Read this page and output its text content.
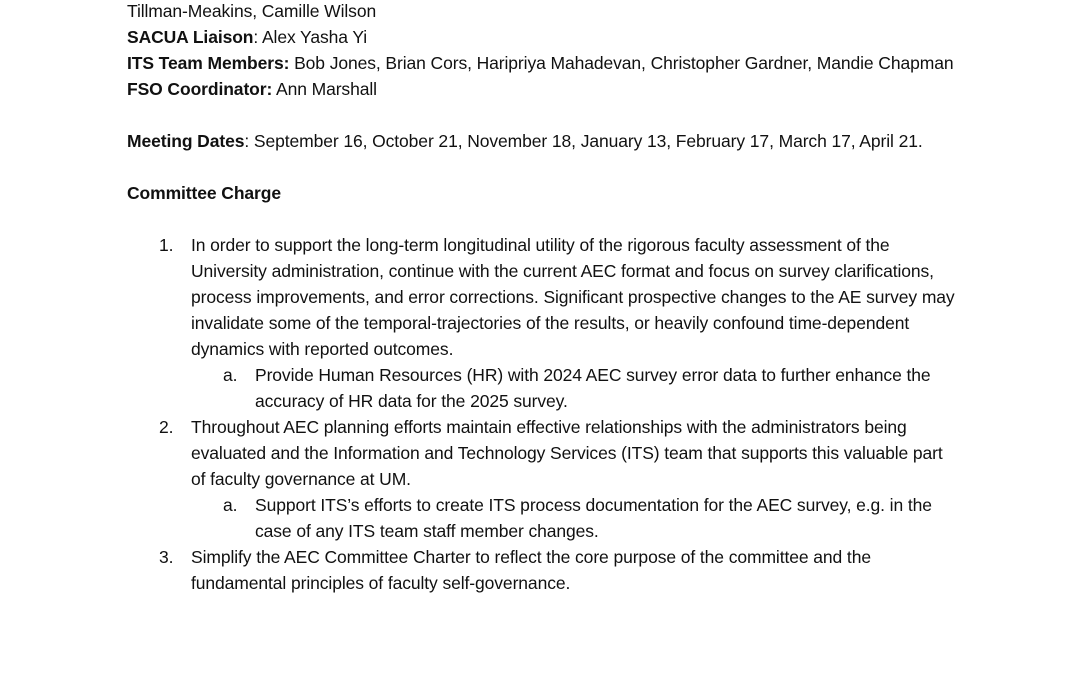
Tillman-Meakins, Camille Wilson

SACUA Liaison: Alex Yasha Yi

ITS Team Members: Bob Jones, Brian Cors, Haripriya Mahadevan, Christopher Gardner, Mandie Chapman

FSO Coordinator: Ann Marshall

Meeting Dates: September 16, October 21, November 18, January 13, February 17, March 17, April 21.

Committee Charge

1. In order to support the long-term longitudinal utility of the rigorous faculty assessment of the University administration, continue with the current AEC format and focus on survey clarifications, process improvements, and error corrections. Significant prospective changes to the AE survey may invalidate some of the temporal-trajectories of the results, or heavily confound time-dependent dynamics with reported outcomes.
a. Provide Human Resources (HR) with 2024 AEC survey error data to further enhance the accuracy of HR data for the 2025 survey.
2. Throughout AEC planning efforts maintain effective relationships with the administrators being evaluated and the Information and Technology Services (ITS) team that supports this valuable part of faculty governance at UM.
a. Support ITS’s efforts to create ITS process documentation for the AEC survey, e.g. in the case of any ITS team staff member changes.
3. Simplify the AEC Committee Charter to reflect the core purpose of the committee and the fundamental principles of faculty self-governance.
